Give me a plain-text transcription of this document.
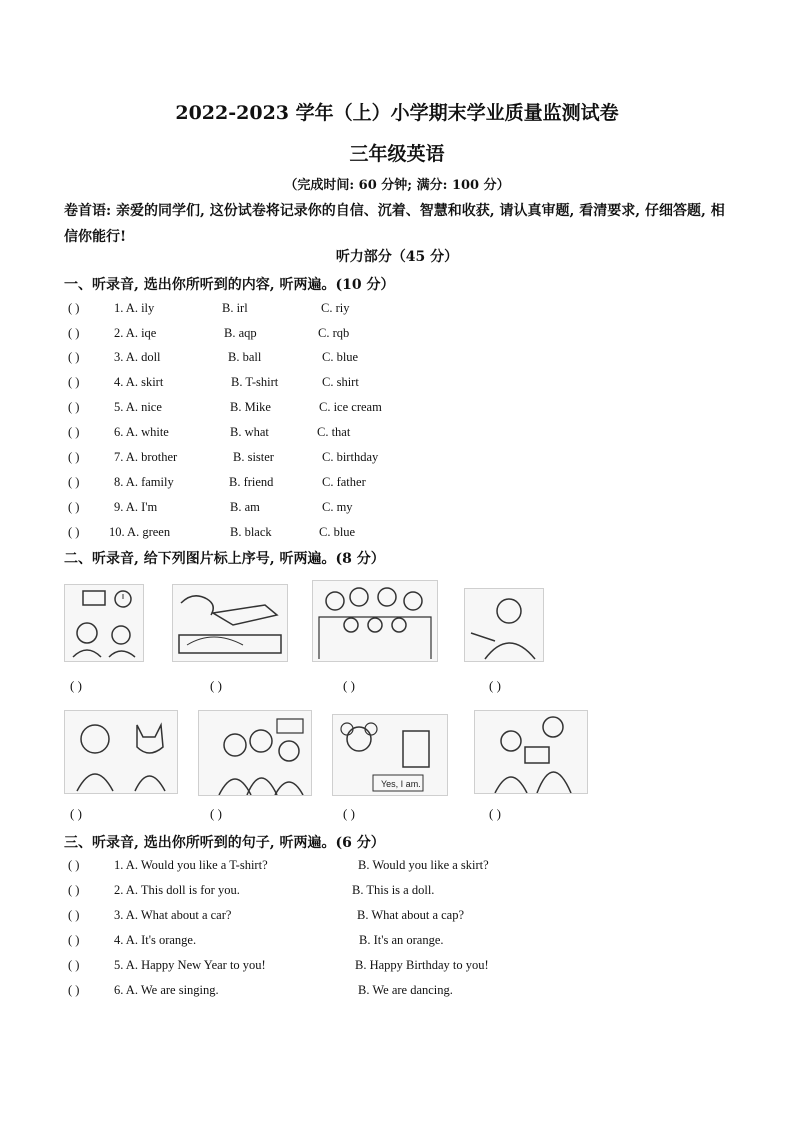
2022-2023 学年（上）小学期末学业质量监测试卷
三年级英语
（完成时间: 60 分钟; 满分: 100 分）
卷首语: 亲爱的同学们, 这份试卷将记录你的自信、沉着、智慧和收获, 请认真审题, 看清要求, 仔细答题, 相信你能行!
听力部分（45 分）
一、听录音, 选出你所听到的内容, 听两遍。(10 分）
( )	1. A. ily	B. irl	C. riy
( )	2. A. iqe	B. aqp	C. rqb
( )	3. A. doll	B. ball	C. blue
( )	4. A. skirt	B. T-shirt	C. shirt
( )	5. A. nice	B. Mike	C. ice cream
( )	6. A. white	B. what	C. that
( )	7. A. brother	B. sister	C. birthday
( )	8. A. family	B. friend	C. father
( )	9. A. I'm	B. am	C. my
( ) 10. A. green	B. black	C. blue
二、听录音, 给下列图片标上序号, 听两遍。(8 分）
( )	( )	( )	( )
Yes, I am.
( )	( )	( )	( )
三、听录音, 选出你所听到的句子, 听两遍。(6 分）
( )	1. A. Would you like a T-shirt?	B. Would you like a skirt?
( )	2. A. This doll is for you.	B. This is a doll.
( )	3. A. What about a car?	B. What about a cap?
( )	4. A. It's orange.	B. It's an orange.
( )	5. A. Happy New Year to you!	B. Happy Birthday to you!
( )	6. A. We are singing.	B. We are dancing.
